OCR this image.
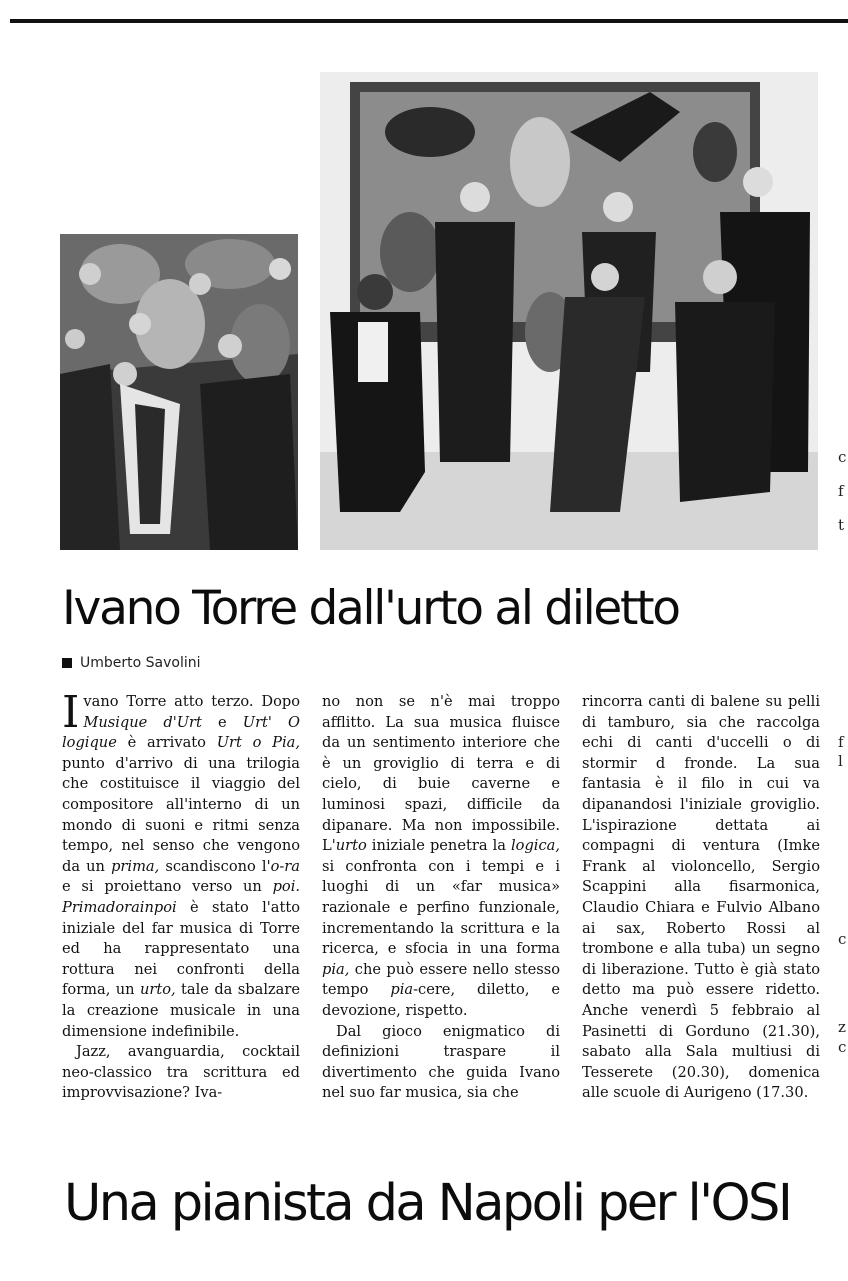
c
f
t
f
l
c
z
c
Ivano Torre dall'urto al diletto
Umberto Savolini

Ivano Torre atto terzo. Dopo Musique d'Urt e Urt' O logique è arrivato Urt o Pia, punto d'arrivo di una trilogia che costituisce il viaggio del compositore all'interno di un mondo di suoni e ritmi senza tempo, nel senso che vengono da un prima, scandiscono l'o-ra e si proiettano verso un poi. Primadorainpoi è stato l'atto iniziale del far musica di Torre ed ha rappresentato una rottura nei confronti della forma, un urto, tale da sbalzare la creazione musicale in una dimensione indefinibile.

Jazz, avanguardia, cocktail neo-classico tra scrittura ed improvvisazione? Iva-

no non se n'è mai troppo afflitto. La sua musica fluisce da un sentimento interiore che è un groviglio di terra e di cielo, di buie caverne e luminosi spazi, difficile da dipanare. Ma non impossibile. L'urto iniziale penetra la logica, si confronta con i tempi e i luoghi di un «far musica» razionale e perfino funzionale, incrementando la scrittura e la ricerca, e sfocia in una forma pia, che può essere nello stesso tempo pia-cere, diletto, e devozione, rispetto.

Dal gioco enigmatico di definizioni traspare il divertimento che guida Ivano nel suo far musica, sia che

rincorra canti di balene su pelli di tamburo, sia che raccolga echi di canti d'uccelli o di stormir d fronde. La sua fantasia è il filo in cui va dipanandosi l'iniziale groviglio. L'ispirazione dettata ai compagni di ventura (Imke Frank al violoncello, Sergio Scappini alla fisarmonica, Claudio Chiara e Fulvio Albano ai sax, Roberto Rossi al trombone e alla tuba) un segno di liberazione. Tutto è già stato detto ma può essere ridetto. Anche venerdì 5 febbraio al Pasinetti di Gorduno (21.30), sabato alla Sala multiusi di Tesserete (20.30), domenica alle scuole di Aurigeno (17.30.

Una pianista da Napoli per l'OSI
